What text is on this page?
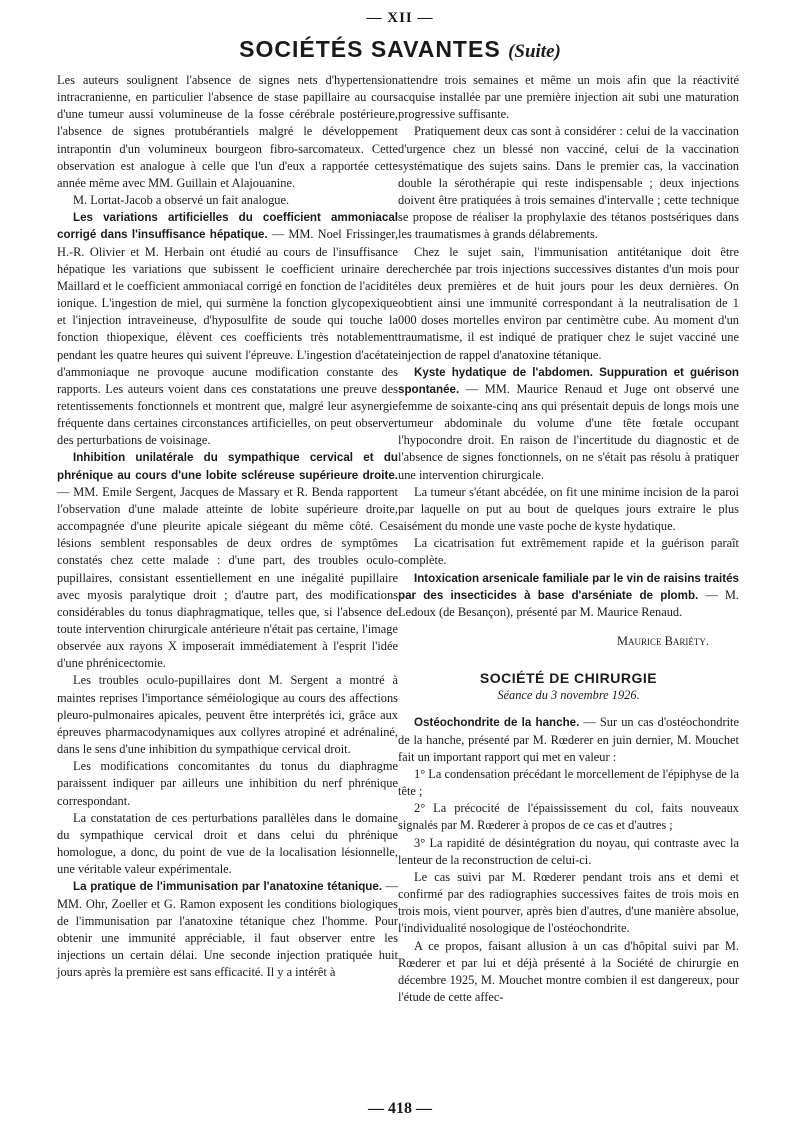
— XII —
SOCIÉTÉS SAVANTES (Suite)

Les auteurs soulignent l'absence de signes nets d'hypertension intracranienne, en particulier l'absence de stase papillaire au cours d'une tumeur aussi volumineuse de la fosse cérébrale postérieure, l'absence de signes protubérantiels malgré le développement intrapontin d'un volumineux bourgeon fibro-sarcomateux. Cette observation est analogue à celle que l'un d'eux a rapportée cette année même avec MM. Guillain et Alajouanine.

M. Lortat-Jacob a observé un fait analogue.

Les variations artificielles du coefficient ammoniacal corrigé dans l'insuffisance hépatique. — MM. Noel Frissinger, H.-R. Olivier et M. Herbain ont étudié au cours de l'insuffisance hépatique les variations que subissent le coefficient urinaire de Maillard et le coefficient ammoniacal corrigé en fonction de l'acidité ionique. L'ingestion de miel, qui surmène la fonction glycopexique et l'injection intraveineuse, d'hyposulfite de soude qui touche la fonction thiopexique, élèvent ces coefficients très notablement pendant les quatre heures qui suivent l'épreuve. L'ingestion d'acétate d'ammoniaque ne provoque aucune modification constante des rapports. Les auteurs voient dans ces constatations une preuve des retentissements fonctionnels et montrent que, malgré leur asynergie fréquente dans certaines circonstances artificielles, on peut observer des perturbations de voisinage.

Inhibition unilatérale du sympathique cervical et du phrénique au cours d'une lobite scléreuse supérieure droite. — MM. Emile Sergent, Jacques de Massary et R. Benda rapportent l'observation d'une malade atteinte de lobite supérieure droite, accompagnée d'une pleurite apicale siégeant du même côté. Ces lésions semblent responsables de deux ordres de symptômes constatés chez cette malade : d'une part, des troubles oculo-pupillaires, consistant essentiellement en une inégalité pupillaire avec myosis paralytique droit ; d'autre part, des modifications considérables du tonus diaphragmatique, telles que, si l'absence de toute intervention chirurgicale antérieure n'était pas certaine, l'image observée aux rayons X imposerait immédiatement à l'esprit l'idée d'une phrénicectomie.

Les troubles oculo-pupillaires dont M. Sergent a montré à maintes reprises l'importance séméiologique au cours des affections pleuro-pulmonaires apicales, peuvent être interprétés ici, grâce aux épreuves pharmacodynamiques aux collyres atropiné et adrénaliné, dans le sens d'une inhibition du sympathique cervical droit.

Les modifications concomitantes du tonus du diaphragme paraissent indiquer par ailleurs une inhibition du nerf phrénique correspondant.

La constatation de ces perturbations parallèles dans le domaine du sympathique cervical droit et dans celui du phrénique homologue, a donc, du point de vue de la localisation lésionnelle, une véritable valeur expérimentale.

La pratique de l'immunisation par l'anatoxine tétanique. — MM. Ohr, Zoeller et G. Ramon exposent les conditions biologiques de l'immunisation par l'anatoxine tétanique chez l'homme. Pour obtenir une immunité appréciable, il faut observer entre les injections un certain délai. Une seconde injection pratiquée huit jours après la première est sans efficacité. Il y a intérêt à

attendre trois semaines et même un mois afin que la réactivité acquise installée par une première injection ait subi une maturation progressive suffisante.

Pratiquement deux cas sont à considérer : celui de la vaccination d'urgence chez un blessé non vacciné, celui de la vaccination systématique des sujets sains. Dans le premier cas, la vaccination double la sérothérapie qui reste indispensable ; deux injections doivent être pratiquées à trois semaines d'intervalle ; cette technique se propose de réaliser la prophylaxie des tétanos postsériques dans les traumatismes à grands délabrements.

Chez le sujet sain, l'immunisation antitétanique doit être recherchée par trois injections successives distantes d'un mois pour les deux premières et de huit jours pour les deux dernières. On obtient ainsi une immunité correspondant à la neutralisation de 1 000 doses mortelles environ par centimètre cube. Au moment d'un traumatisme, il est indiqué de pratiquer chez le sujet vacciné une injection de rappel d'anatoxine tétanique.

Kyste hydatique de l'abdomen. Suppuration et guérison spontanée. — MM. Maurice Renaud et Juge ont observé une femme de soixante-cinq ans qui présentait depuis de longs mois une tumeur abdominale du volume d'une tête fœtale occupant l'hypocondre droit. En raison de l'incertitude du diagnostic et de l'absence de signes fonctionnels, on ne s'était pas résolu à pratiquer une intervention chirurgicale.

La tumeur s'étant abcédée, on fit une minime incision de la paroi par laquelle on put au bout de quelques jours extraire le plus aisément du monde une vaste poche de kyste hydatique.

La cicatrisation fut extrêmement rapide et la guérison paraît complète.

Intoxication arsenicale familiale par le vin de raisins traités par des insecticides à base d'arséniate de plomb. — M. Ledoux (de Besançon), présenté par M. Maurice Renaud.

Maurice Bariéty.
SOCIÉTÉ DE CHIRURGIE
Séance du 3 novembre 1926.

Ostéochondrite de la hanche. — Sur un cas d'ostéochondrite de la hanche, présenté par M. Rœderer en juin dernier, M. Mouchet fait un important rapport qui met en valeur :

1° La condensation précédant le morcellement de l'épiphyse de la tête ;

2° La précocité de l'épaississement du col, faits nouveaux signalés par M. Rœderer à propos de ce cas et d'autres ;

3° La rapidité de désintégration du noyau, qui contraste avec la lenteur de la reconstruction de celui-ci.

Le cas suivi par M. Rœderer pendant trois ans et demi et confirmé par des radiographies successives faites de trois mois en trois mois, vient pourver, après bien d'autres, d'une manière absolue, l'individualité nosologique de l'ostéochondrite.

A ce propos, faisant allusion à un cas d'hôpital suivi par M. Rœderer et par lui et déjà présenté à la Société de chirurgie en décembre 1925, M. Mouchet montre combien il est dangereux, pour l'étude de cette affec-

— 418 —
